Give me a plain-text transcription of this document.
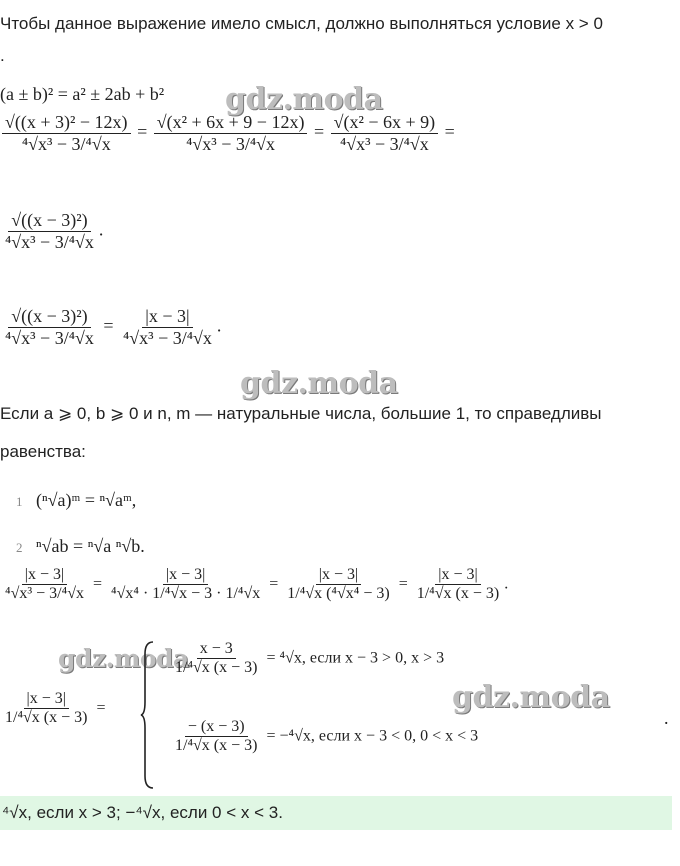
Чтобы данное выражение имело смысл, должно выполняться условие x > 0
.
(a ± b)² = a² ± 2ab + b² gdz.moda
$\frac{\text{√((x + 3)² − 12x)}}{\text{⁴√x³ − 3/⁴√x}} = \frac{\text{√(x² + 6x + 9 − 12x)}}{\text{⁴√x³ − 3/⁴√x}} = \frac{\text{√(x² − 6x + 9)}}{\text{⁴√x³ − 3/⁴√x}}$ =
$\frac{\text{√((x − 3)²)}}{\text{⁴√x³ − 3/⁴√x}}$ .
$\frac{\text{√((x − 3)²)}}{\text{⁴√x³ − 3/⁴√x}} = \frac{|x - 3|}{\text{⁴√x³ − 3/⁴√x}}$ .
gdz.moda
Если a ⩾ 0, b ⩾ 0 и n, m — натуральные числа, большие 1, то справедливы
равенства:
1 (ⁿ√a)ᵐ = ⁿ√aᵐ,
2 ⁿ√ab = ⁿ√a ⁿ√b.
$\frac{|x - 3|}{\text{⁴√x³ − 3/⁴√x}} = \frac{|x - 3|}{\text{⁴√x⁴ · 1/⁴√x − 3 · 1/⁴√x}} = \frac{|x - 3|}{\text{1/⁴√x (⁴√x⁴ − 3)}} = \frac{|x - 3|}{\text{1/⁴√x (x − 3)}}$ .
gdz.moda
$\frac{|x - 3|}{\text{1/⁴√x (x − 3)}}$ =
$\frac{x - 3}{\text{1/⁴√x (x − 3)}} = ^4√x$, если x − 3 > 0, x > 3
gdz.moda
$\frac{- (x - 3)}{\text{1/⁴√x (x − 3)}} = -^4√x$, если x − 3 < 0, 0 < x < 3
.
⁴√x, если x > 3; −⁴√x, если 0 < x < 3.
